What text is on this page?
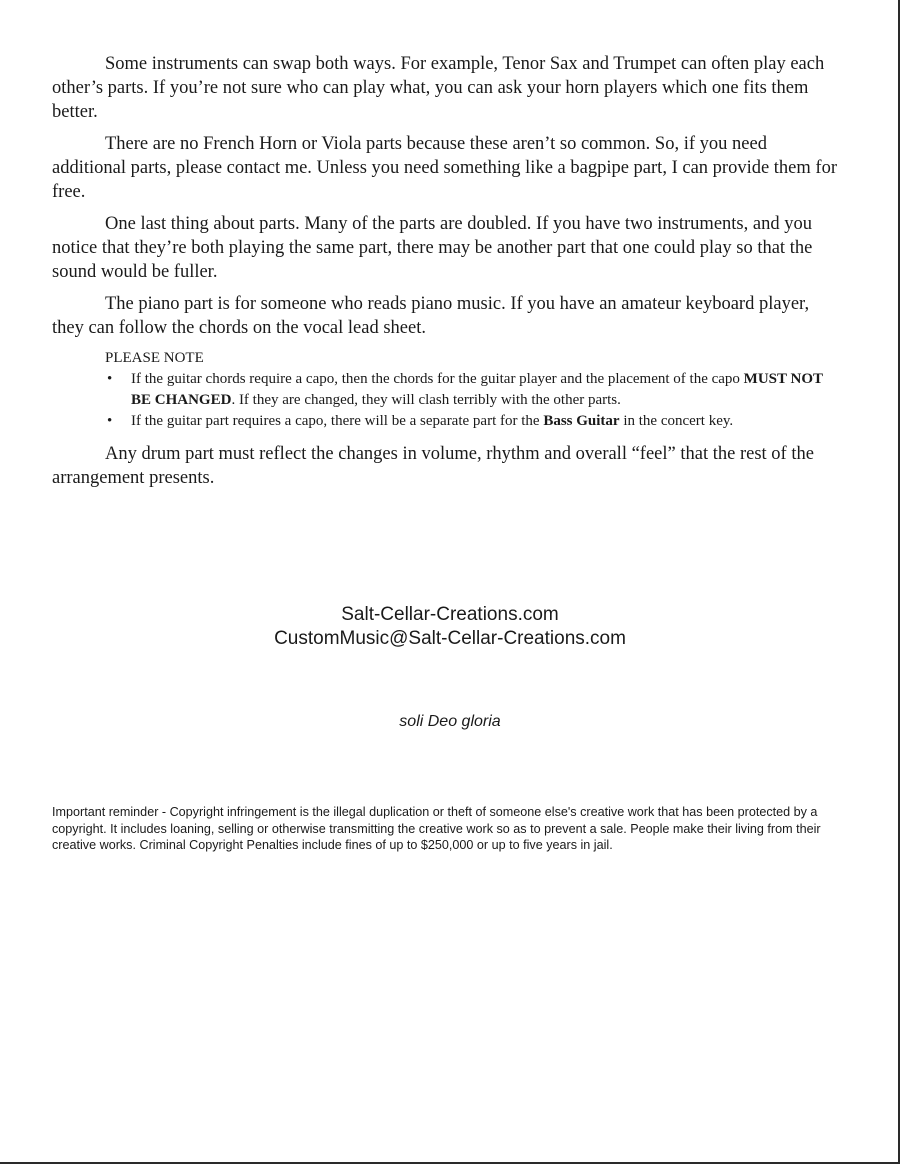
Some instruments can swap both ways. For example, Tenor Sax and Trumpet can often play each other’s parts. If you’re not sure who can play what, you can ask your horn players which one fits them better.

There are no French Horn or Viola parts because these aren’t so common. So, if you need additional parts, please contact me. Unless you need something like a bagpipe part, I can provide them for free.

One last thing about parts. Many of the parts are doubled. If you have two instruments, and you notice that they’re both playing the same part, there may be another part that one could play so that the sound would be fuller.

The piano part is for someone who reads piano music. If you have an amateur keyboard player, they can follow the chords on the vocal lead sheet.

PLEASE NOTE

• If the guitar chords require a capo, then the chords for the guitar player and the placement of the capo MUST NOT BE CHANGED. If they are changed, they will clash terribly with the other parts.
• If the guitar part requires a capo, there will be a separate part for the Bass Guitar in the concert key.

Any drum part must reflect the changes in volume, rhythm and overall “feel” that the rest of the arrangement presents.

Salt-Cellar-Creations.com
CustomMusic@Salt-Cellar-Creations.com
soli Deo gloria

Important reminder - Copyright infringement is the illegal duplication or theft of someone else's creative work that has been protected by a copyright. It includes loaning, selling or otherwise transmitting the creative work so as to prevent a sale. People make their living from their creative works. Criminal Copyright Penalties include fines of up to $250,000 or up to five years in jail.
